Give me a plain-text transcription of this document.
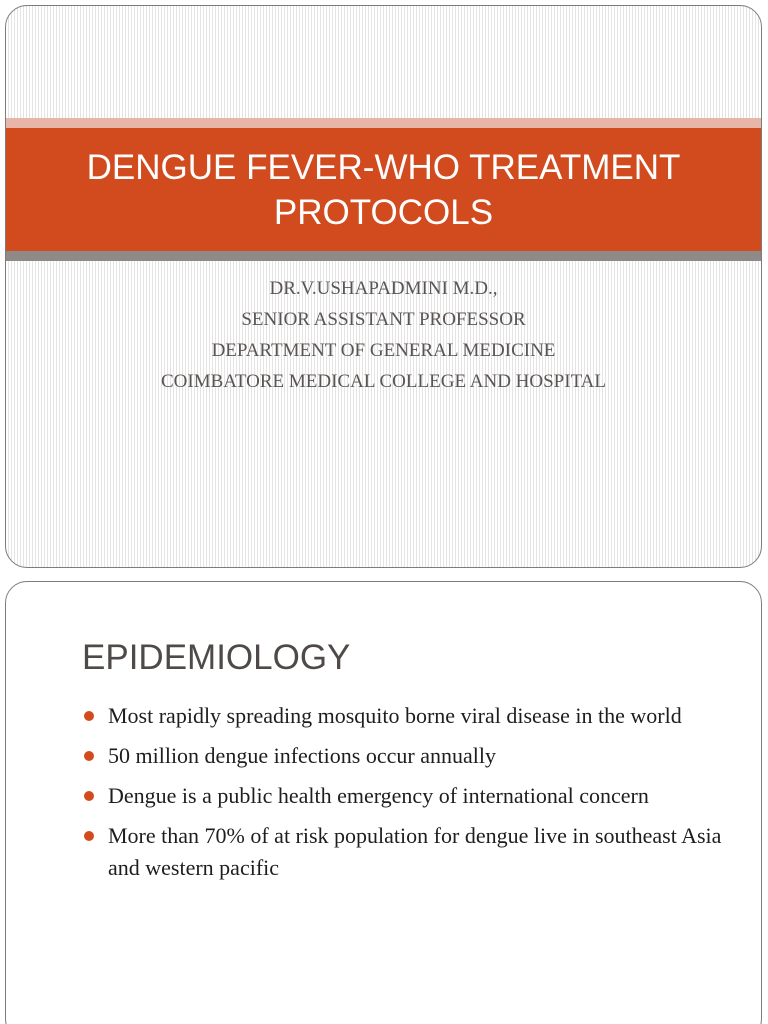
DENGUE FEVER-WHO TREATMENT PROTOCOLS
DR.V.USHAPADMINI M.D.,
SENIOR ASSISTANT PROFESSOR
DEPARTMENT OF GENERAL MEDICINE
COIMBATORE MEDICAL COLLEGE AND HOSPITAL
EPIDEMIOLOGY
Most rapidly spreading mosquito borne viral disease in the world
50 million dengue infections occur annually
Dengue is a public health emergency of international concern
More than 70% of at risk population for dengue live in southeast Asia and western pacific
